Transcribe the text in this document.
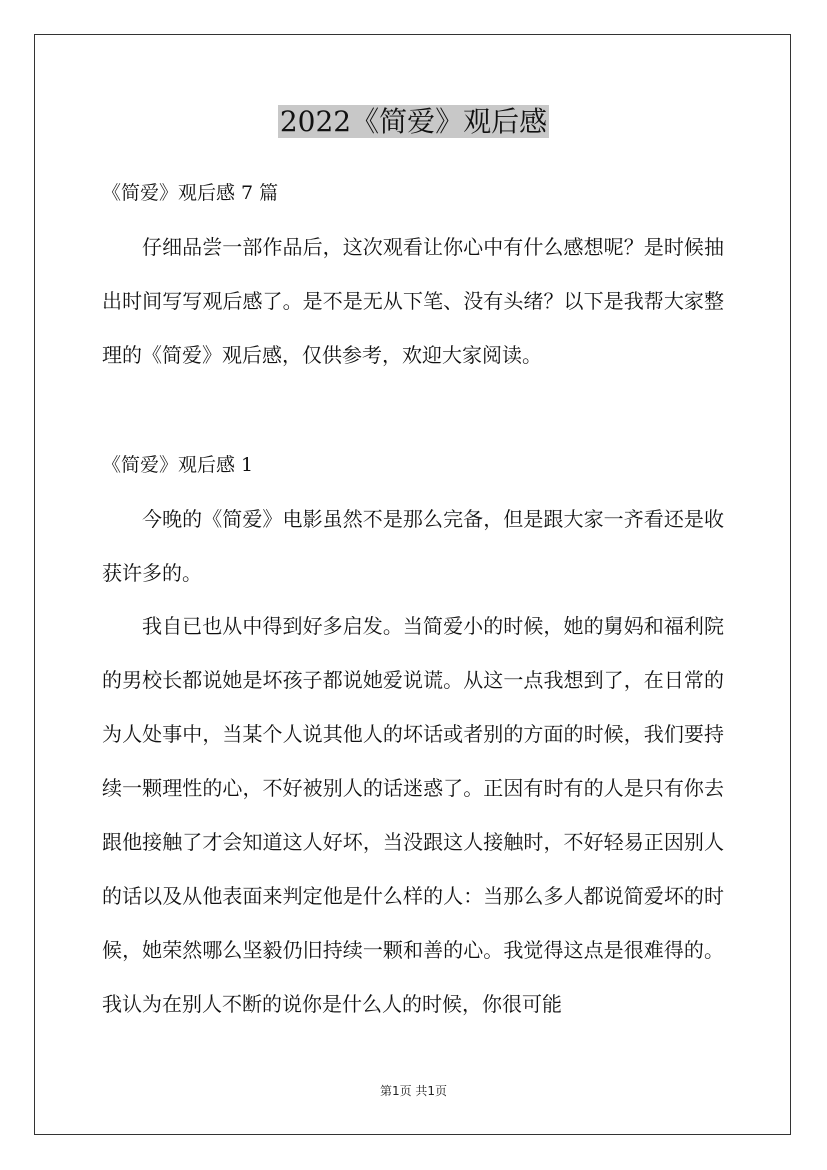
2022《简爱》观后感
《简爱》观后感 7 篇

仔细品尝一部作品后，这次观看让你心中有什么感想呢？是时候抽出时间写写观后感了。是不是无从下笔、没有头绪？以下是我帮大家整理的《简爱》观后感，仅供参考，欢迎大家阅读。

《简爱》观后感 1

今晚的《简爱》电影虽然不是那么完备，但是跟大家一齐看还是收获许多的。

我自已也从中得到好多启发。当简爱小的时候，她的舅妈和福利院的男校长都说她是坏孩子都说她爱说谎。从这一点我想到了，在日常的为人处事中，当某个人说其他人的坏话或者别的方面的时候，我们要持续一颗理性的心，不好被别人的话迷惑了。正因有时有的人是只有你去跟他接触了才会知道这人好坏，当没跟这人接触时，不好轻易正因别人的话以及从他表面来判定他是什么样的人：当那么多人都说简爱坏的时候，她荣然哪么坚毅仍旧持续一颗和善的心。我觉得这点是很难得的。我认为在别人不断的说你是什么人的时候，你很可能

第1页 共1页
